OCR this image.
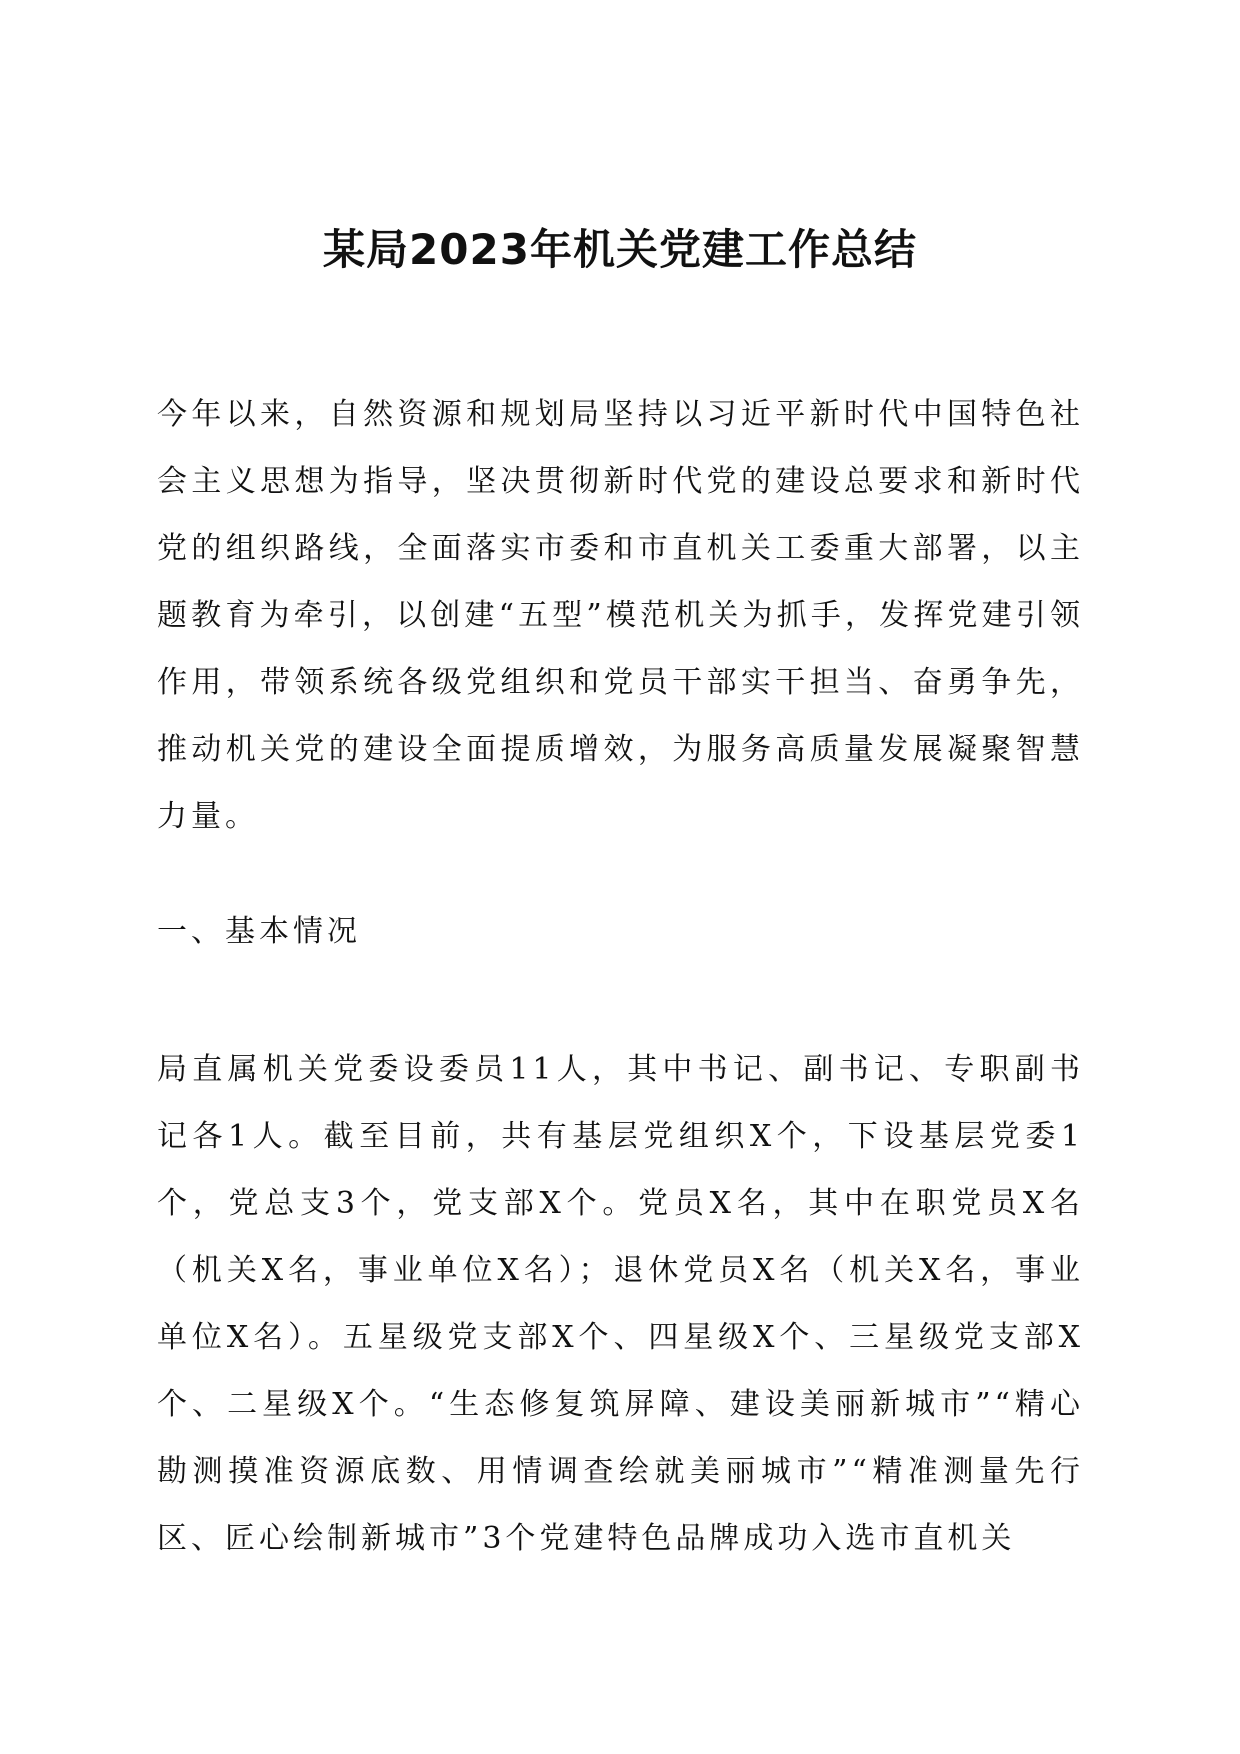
某局2023年机关党建工作总结
今年以来，自然资源和规划局坚持以习近平新时代中国特色社会主义思想为指导，坚决贯彻新时代党的建设总要求和新时代党的组织路线，全面落实市委和市直机关工委重大部署，以主题教育为牵引，以创建“五型”模范机关为抓手，发挥党建引领作用，带领系统各级党组织和党员干部实干担当、奋勇争先，推动机关党的建设全面提质增效，为服务高质量发展凝聚智慧力量。
一、基本情况
局直属机关党委设委员11人，其中书记、副书记、专职副书记各1人。截至目前，共有基层党组织X个，下设基层党委1个，党总支3个，党支部X个。党员X名，其中在职党员X名（机关X名，事业单位X名）；退休党员X名（机关X名，事业单位X名）。五星级党支部X个、四星级X个、三星级党支部X个、二星级X个。“生态修复筑屏障、建设美丽新城市”“精心勘测摸准资源底数、用情调查绘就美丽城市”“精准测量先行区、匠心绘制新城市”3个党建特色品牌成功入选市直机关
